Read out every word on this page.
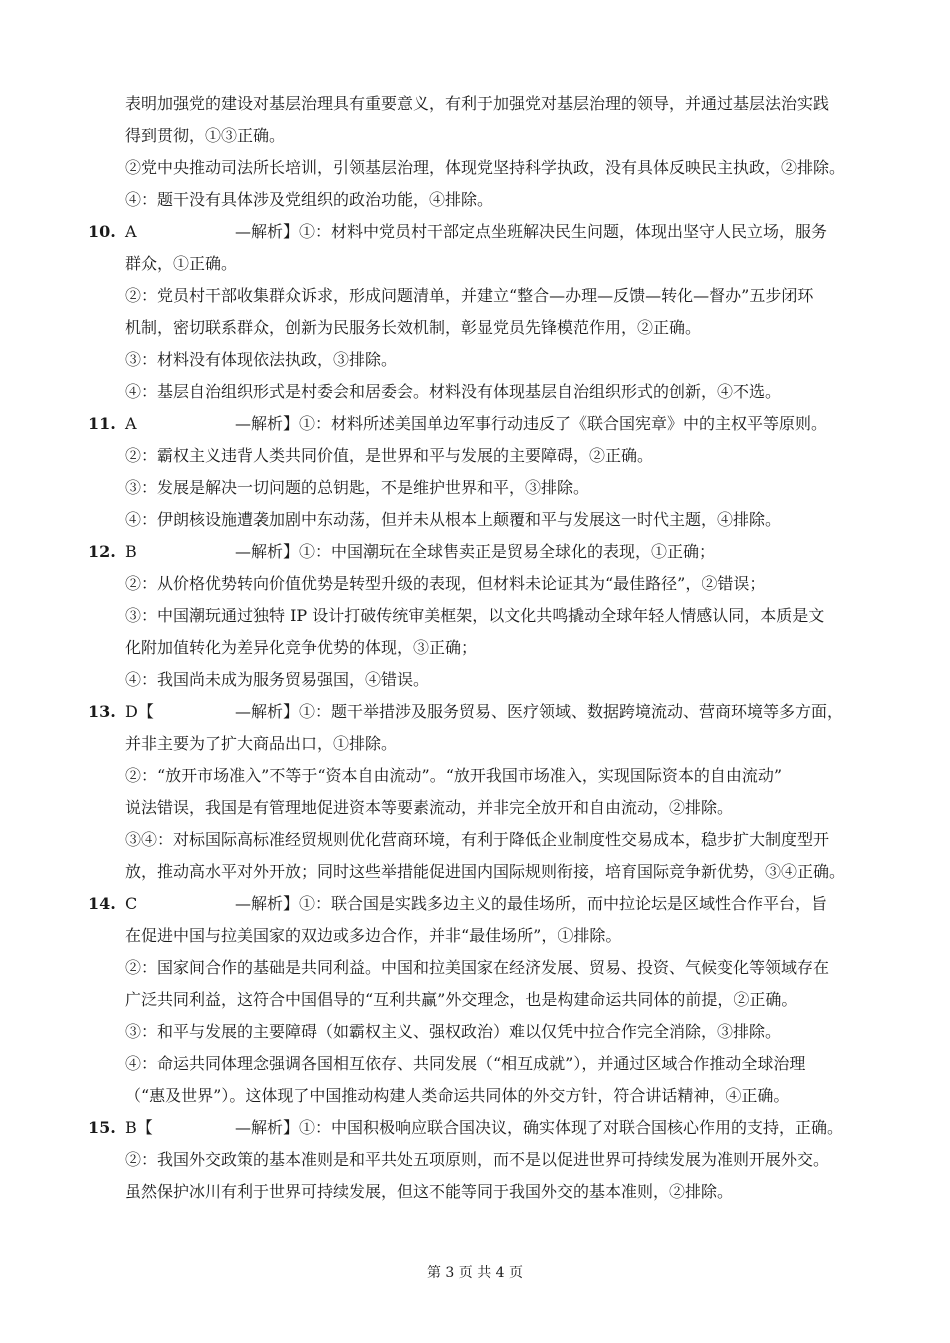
表明加强党的建设对基层治理具有重要意义，有利于加强党对基层治理的领导，并通过基层法治实践
得到贯彻，①③正确。
②党中央推动司法所长培训，引领基层治理，体现党坚持科学执政，没有具体反映民主执政，②排除。
④：题干没有具体涉及党组织的政治功能，④排除。
10. A	—解析】①：材料中党员村干部定点坐班解决民生问题，体现出坚守人民立场，服务
群众，①正确。
②：党员村干部收集群众诉求，形成问题清单，并建立“整合—办理—反馈—转化—督办”五步闭环
机制，密切联系群众，创新为民服务长效机制，彰显党员先锋模范作用，②正确。
③：材料没有体现依法执政，③排除。
④：基层自治组织形式是村委会和居委会。材料没有体现基层自治组织形式的创新，④不选。
11. A	—解析】①：材料所述美国单边军事行动违反了《联合国宪章》中的主权平等原则。
②：霸权主义违背人类共同价值，是世界和平与发展的主要障碍，②正确。
③：发展是解决一切问题的总钥匙，不是维护世界和平，③排除。
④：伊朗核设施遭袭加剧中东动荡，但并未从根本上颠覆和平与发展这一时代主题，④排除。
12. B	—解析】①：中国潮玩在全球售卖正是贸易全球化的表现，①正确；
②：从价格优势转向价值优势是转型升级的表现，但材料未论证其为“最佳路径”，②错误；
③：中国潮玩通过独特 IP 设计打破传统审美框架，以文化共鸣撬动全球年轻人情感认同，本质是文
化附加值转化为差异化竞争优势的体现，③正确；
④：我国尚未成为服务贸易强国，④错误。
13. D【	—解析】①：题干举措涉及服务贸易、医疗领域、数据跨境流动、营商环境等多方面，
并非主要为了扩大商品出口，①排除。
②：“放开市场准入”不等于“资本自由流动”。“放开我国市场准入，实现国际资本的自由流动”
说法错误，我国是有管理地促进资本等要素流动，并非完全放开和自由流动，②排除。
③④：对标国际高标准经贸规则优化营商环境，有利于降低企业制度性交易成本，稳步扩大制度型开
放，推动高水平对外开放；同时这些举措能促进国内国际规则衔接，培育国际竞争新优势，③④正确。
14. C	—解析】①：联合国是实践多边主义的最佳场所，而中拉论坛是区域性合作平台，旨
在促进中国与拉美国家的双边或多边合作，并非“最佳场所”，①排除。
②：国家间合作的基础是共同利益。中国和拉美国家在经济发展、贸易、投资、气候变化等领域存在
广泛共同利益，这符合中国倡导的“互利共赢”外交理念，也是构建命运共同体的前提，②正确。
③：和平与发展的主要障碍（如霸权主义、强权政治）难以仅凭中拉合作完全消除，③排除。
④：命运共同体理念强调各国相互依存、共同发展（“相互成就”），并通过区域合作推动全球治理
（“惠及世界”）。这体现了中国推动构建人类命运共同体的外交方针，符合讲话精神，④正确。
15. B【	—解析】①：中国积极响应联合国决议，确实体现了对联合国核心作用的支持，正确。
②：我国外交政策的基本准则是和平共处五项原则，而不是以促进世界可持续发展为准则开展外交。
虽然保护冰川有利于世界可持续发展，但这不能等同于我国外交的基本准则，②排除。
第 3 页 共 4 页
